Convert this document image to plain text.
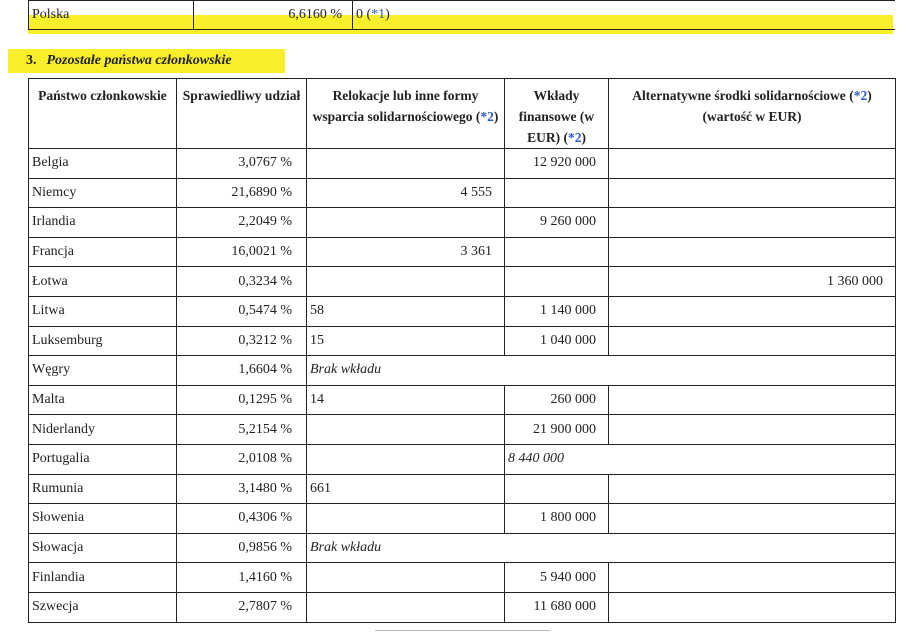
Polska	6,6160 %	0 (*1)
3. Pozostałe państwa członkowskie
Państwo członkowskie	Sprawiedliwy udział	Relokacje lub inne formy wsparcia solidarnościowego (*2)	Wkłady finansowe (w EUR) (*2)	Alternatywne środki solidarnościowe (*2)
(wartość w EUR)
Belgia	3,0767 %		12 920 000	
Niemcy	21,6890 %	4 555		
Irlandia	2,2049 %		9 260 000	
Francja	16,0021 %	3 361		
Łotwa	0,3234 %			1 360 000
Litwa	0,5474 %	58	1 140 000	
Luksemburg	0,3212 %	15	1 040 000	
Węgry	1,6604 %	Brak wkładu		
Malta	0,1295 %	14	260 000	
Niderlandy	5,2154 %		21 900 000	
Portugalia	2,0108 %		8 440 000	
Rumunia	3,1480 %	661		
Słowenia	0,4306 %		1 800 000	
Słowacja	0,9856 %	Brak wkładu		
Finlandia	1,4160 %		5 940 000	
Szwecja	2,7807 %		11 680 000	
